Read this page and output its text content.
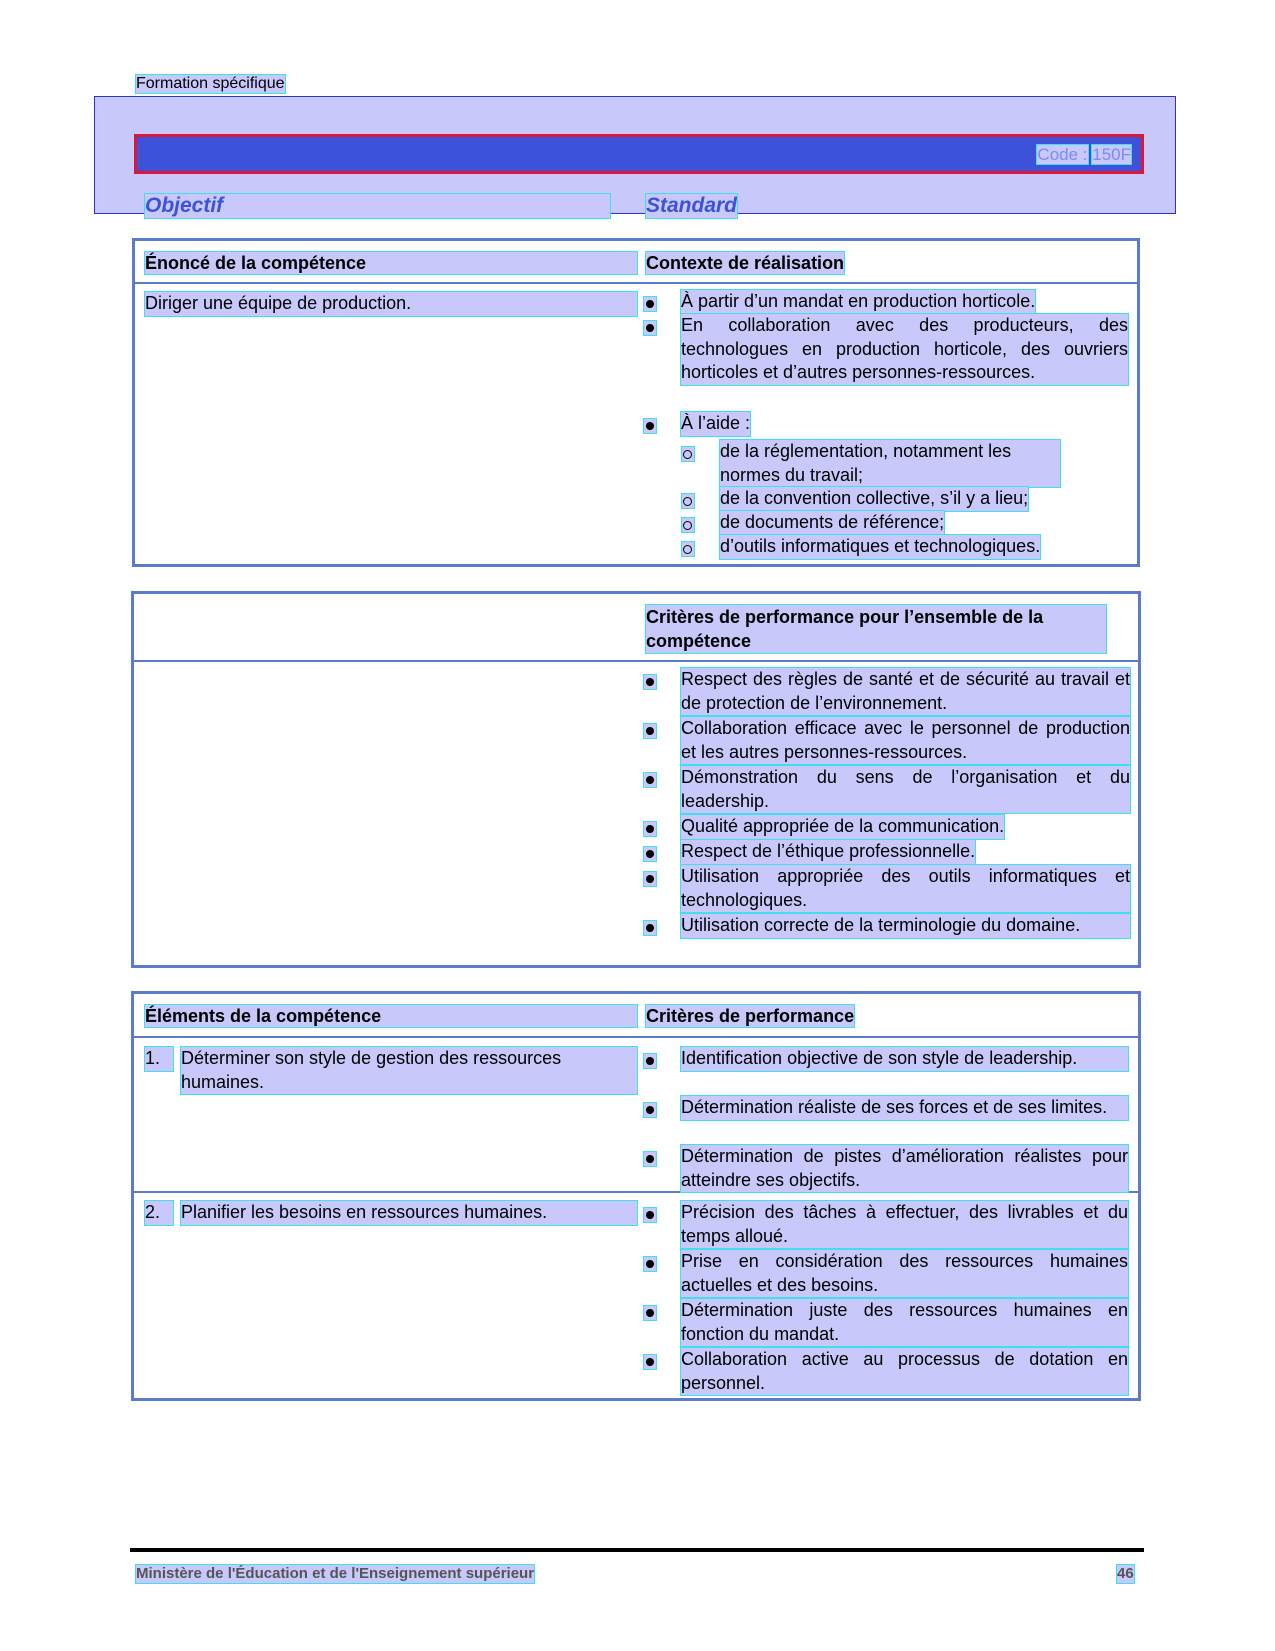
Formation spécifique
Code : 150F
Objectif	Standard
Énoncé de la compétence	Contexte de réalisation
Diriger une équipe de production.	À partir d’un mandat en production horticole.
En collaboration avec des producteurs, des technologues en production horticole, des ouvriers horticoles et d’autres personnes-ressources.
À l’aide :
de la réglementation, notamment les normes du travail;
de la convention collective, s’il y a lieu;
de documents de référence;
d’outils informatiques et technologiques.
Critères de performance pour l’ensemble de la compétence
Respect des règles de santé et de sécurité au travail et de protection de l’environnement.
Collaboration efficace avec le personnel de production et les autres personnes-ressources.
Démonstration du sens de l’organisation et du leadership.
Qualité appropriée de la communication.
Respect de l’éthique professionnelle.
Utilisation appropriée des outils informatiques et technologiques.
Utilisation correcte de la terminologie du domaine.
Éléments de la compétence	Critères de performance
1.	Déterminer son style de gestion des ressources humaines.
Identification objective de son style de leadership.
Détermination réaliste de ses forces et de ses limites.
Détermination de pistes d’amélioration réalistes pour atteindre ses objectifs.
2.	Planifier les besoins en ressources humaines.	Précision des tâches à effectuer, des livrables et du temps alloué.
Prise en considération des ressources humaines actuelles et des besoins.
Détermination juste des ressources humaines en fonction du mandat.
Collaboration active au processus de dotation en personnel.
Ministère de l'Éducation et de l'Enseignement supérieur	46
